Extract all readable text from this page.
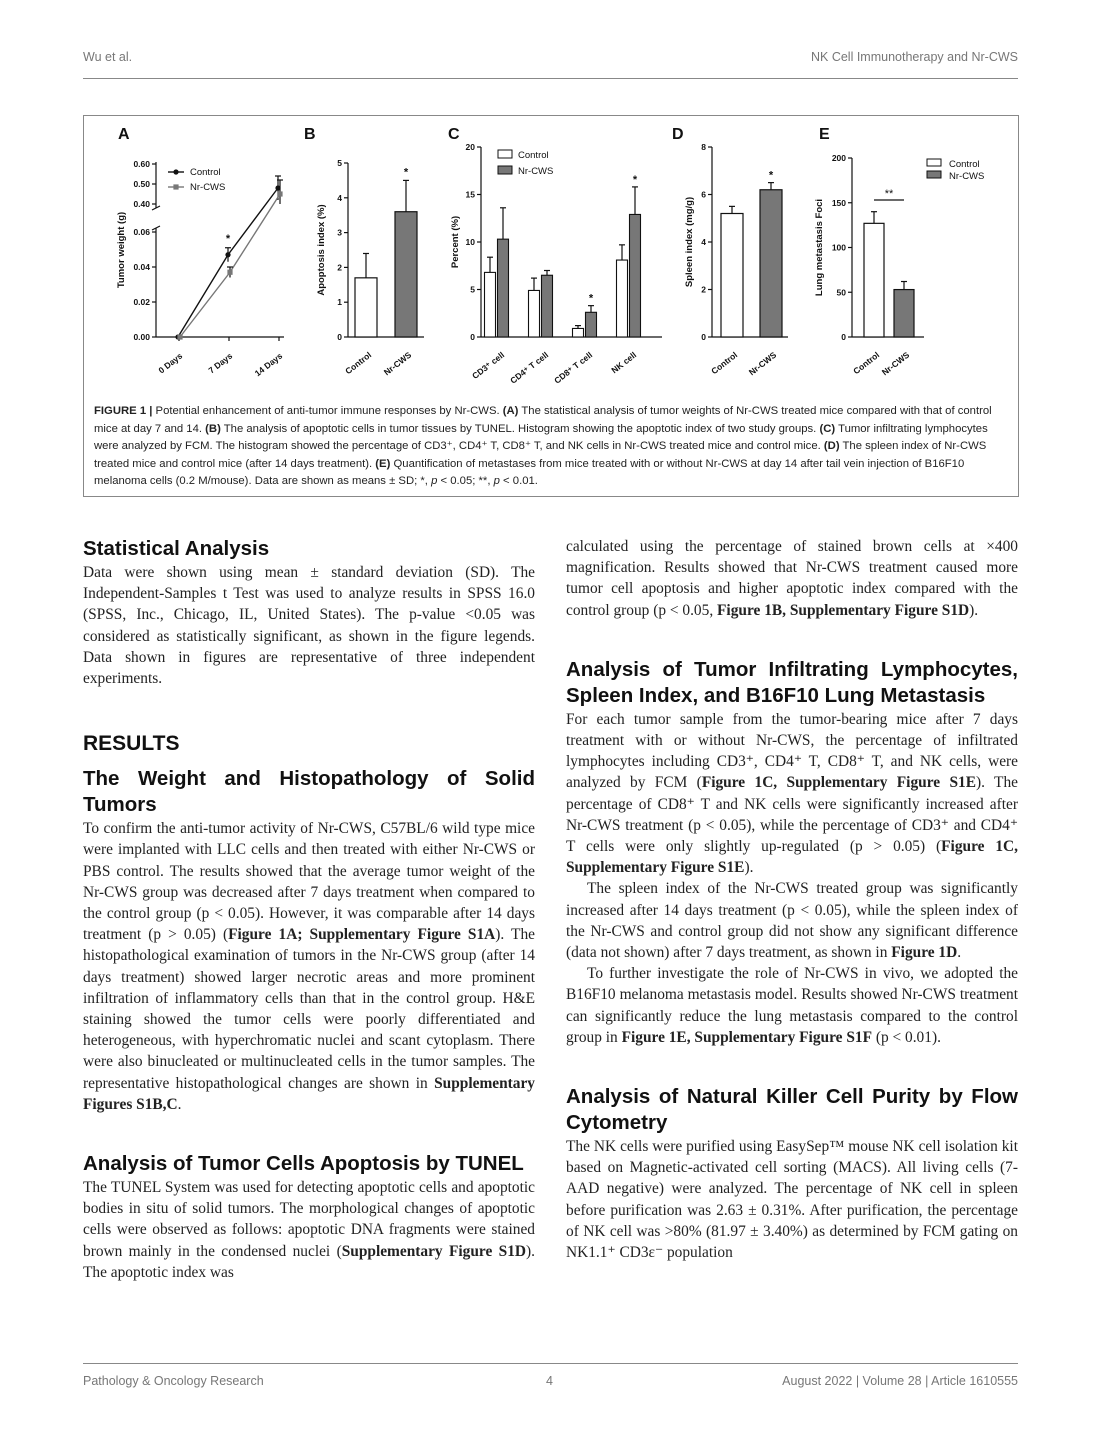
Wu et al.	NK Cell Immunotherapy and Nr-CWS
A
0.00
0.02
0.04
0.06
0.40
0.50
0.60
Tumor weight (g)
0 Days	7 Days 14 Days
*
Control
Nr-CWS
B
0
1
2
3
4
5
Apoptosis index (%)
*
Control Nr-CWS
C
0
5
10
15
20
Percent (%)
*
*
CD3⁺ cell CD4⁺ T cell CD8⁺ T cell NK cell
Control
Nr-CWS
D
0
2
4
6
8
Spleen index (mg/g)
*
Control Nr-CWS
E
0
50
100
150
200
Lung metastasis Foci
**
Control
Nr-CWS
Control
Nr-CWS
FIGURE 1 | Potential enhancement of anti-tumor immune responses by Nr-CWS. (A) The statistical analysis of tumor weights of Nr-CWS treated mice compared with that of control mice at day 7 and 14. (B) The analysis of apoptotic cells in tumor tissues by TUNEL. Histogram showing the apoptotic index of two study groups. (C) Tumor infiltrating lymphocytes were analyzed by FCM. The histogram showed the percentage of CD3⁺, CD4⁺ T, CD8⁺ T, and NK cells in Nr-CWS treated mice and control mice. (D) The spleen index of Nr-CWS treated mice and control mice (after 14 days treatment). (E) Quantification of metastases from mice treated with or without Nr-CWS at day 14 after tail vein injection of B16F10 melanoma cells (0.2 M/mouse). Data are shown as means ± SD; *, p < 0.05; **, p < 0.01.
Statistical Analysis

Data were shown using mean ± standard deviation (SD). The Independent-Samples t Test was used to analyze results in SPSS 16.0 (SPSS, Inc., Chicago, IL, United States). The p-value <0.05 was considered as statistically significant, as shown in the figure legends. Data shown in figures are representative of three independent experiments.

RESULTS
The Weight and Histopathology of Solid Tumors

To confirm the anti-tumor activity of Nr-CWS, C57BL/6 wild type mice were implanted with LLC cells and then treated with either Nr-CWS or PBS control. The results showed that the average tumor weight of the Nr-CWS group was decreased after 7 days treatment when compared to the control group (p < 0.05). However, it was comparable after 14 days treatment (p > 0.05) (Figure 1A; Supplementary Figure S1A). The histopathological examination of tumors in the Nr-CWS group (after 14 days treatment) showed larger necrotic areas and more prominent infiltration of inflammatory cells than that in the control group. H&E staining showed the tumor cells were poorly differentiated and heterogeneous, with hyperchromatic nuclei and scant cytoplasm. There were also binucleated or multinucleated cells in the tumor samples. The representative histopathological changes are shown in Supplementary Figures S1B,C.

Analysis of Tumor Cells Apoptosis by TUNEL

The TUNEL System was used for detecting apoptotic cells and apoptotic bodies in situ of solid tumors. The morphological changes of apoptotic cells were observed as follows: apoptotic DNA fragments were stained brown mainly in the condensed nuclei (Supplementary Figure S1D). The apoptotic index was

calculated using the percentage of stained brown cells at ×400 magnification. Results showed that Nr-CWS treatment caused more tumor cell apoptosis and higher apoptotic index compared with the control group (p < 0.05, Figure 1B, Supplementary Figure S1D).

Analysis of Tumor Infiltrating Lymphocytes, Spleen Index, and B16F10 Lung Metastasis

For each tumor sample from the tumor-bearing mice after 7 days treatment with or without Nr-CWS, the percentage of infiltrated lymphocytes including CD3⁺, CD4⁺ T, CD8⁺ T, and NK cells, were analyzed by FCM (Figure 1C, Supplementary Figure S1E). The percentage of CD8⁺ T and NK cells were significantly increased after Nr-CWS treatment (p < 0.05), while the percentage of CD3⁺ and CD4⁺ T cells were only slightly up-regulated (p > 0.05) (Figure 1C, Supplementary Figure S1E).

The spleen index of the Nr-CWS treated group was significantly increased after 14 days treatment (p < 0.05), while the spleen index of the Nr-CWS and control group did not show any significant difference (data not shown) after 7 days treatment, as shown in Figure 1D.

To further investigate the role of Nr-CWS in vivo, we adopted the B16F10 melanoma metastasis model. Results showed Nr-CWS treatment can significantly reduce the lung metastasis compared to the control group in Figure 1E, Supplementary Figure S1F (p < 0.01).

Analysis of Natural Killer Cell Purity by Flow Cytometry

The NK cells were purified using EasySep™ mouse NK cell isolation kit based on Magnetic-activated cell sorting (MACS). All living cells (7-AAD negative) were analyzed. The percentage of NK cell in spleen before purification was 2.63 ± 0.31%. After purification, the percentage of NK cell was >80% (81.97 ± 3.40%) as determined by FCM gating on NK1.1⁺ CD3ε⁻ population

Pathology & Oncology Research	4	August 2022 | Volume 28 | Article 1610555
